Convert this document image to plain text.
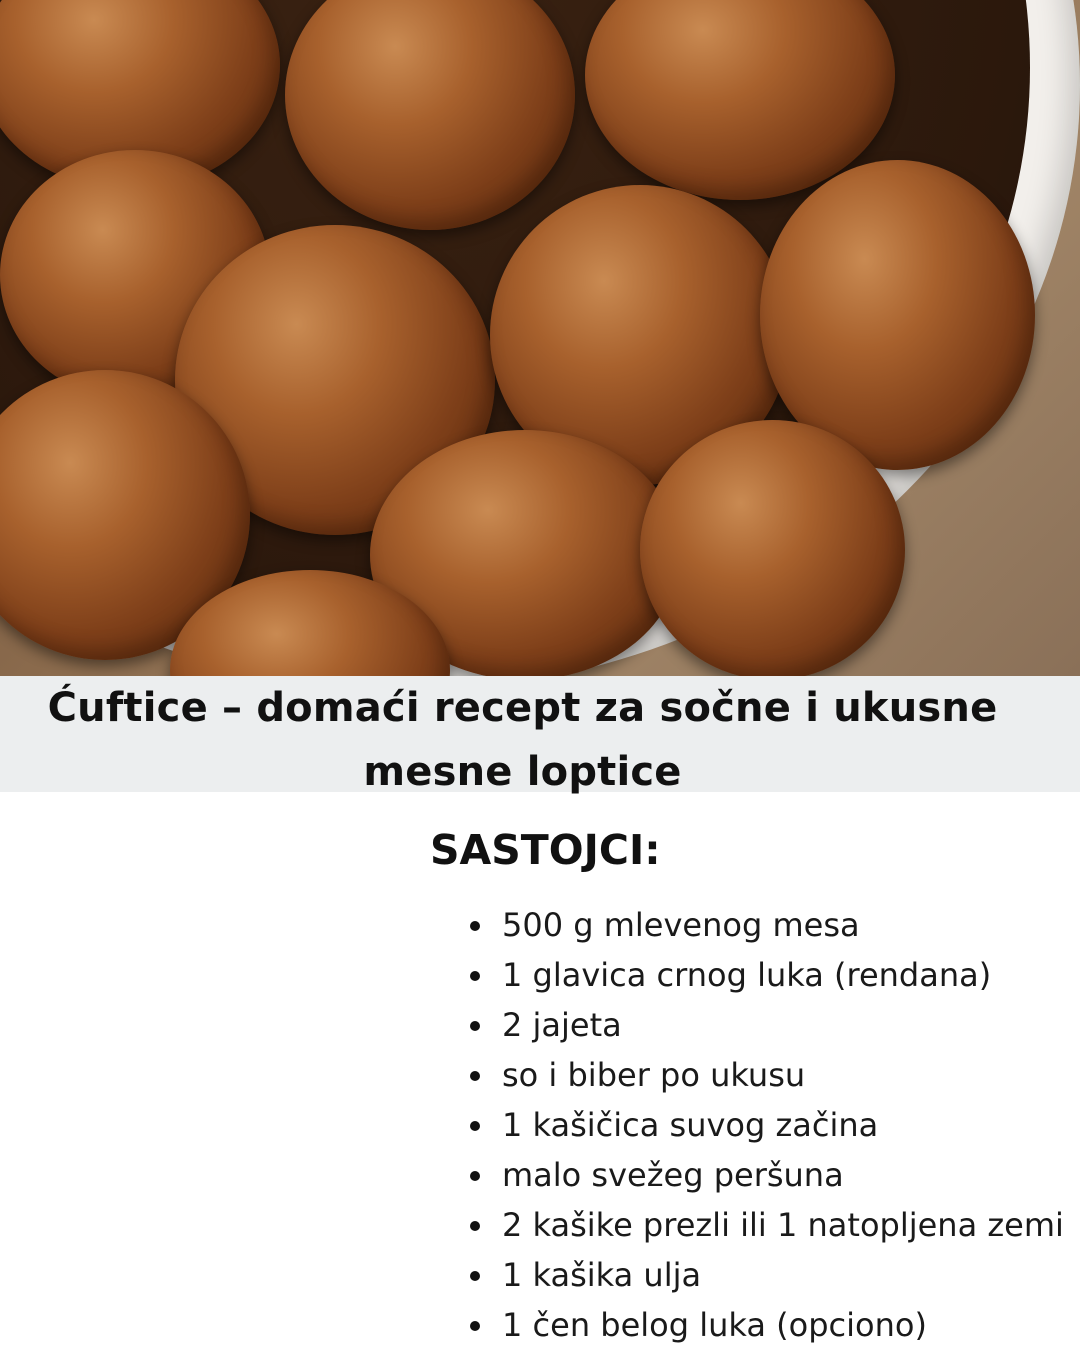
Ćuftice – domaći recept za sočne i ukusne mesne loptice
SASTOJCI:
500 g mlevenog mesa
1 glavica crnog luka (rendana)
2 jajeta
so i biber po ukusu
1 kašičica suvog začina
malo svežeg peršuna
2 kašike prezli ili 1 natopljena zemi
1 kašika ulja
1 čen belog luka (opciono)
